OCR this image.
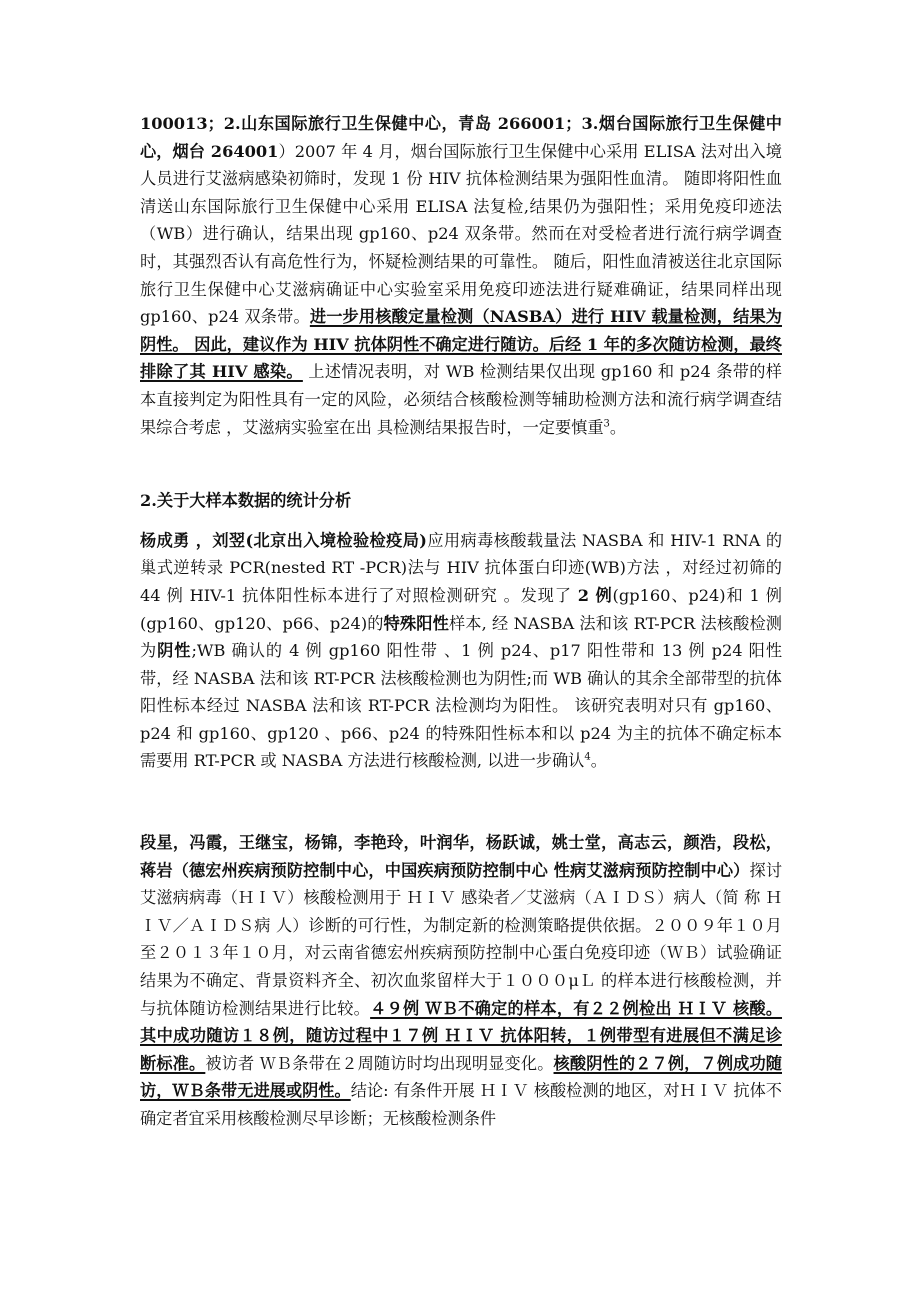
100013；2.山东国际旅行卫生保健中心，青岛 266001；3.烟台国际旅行卫生保健中心，烟台 264001）2007 年 4 月，烟台国际旅行卫生保健中心采用 ELISA 法对出入境人员进行艾滋病感染初筛时，发现 1 份 HIV 抗体检测结果为强阳性血清。 随即将阳性血清送山东国际旅行卫生保健中心采用 ELISA 法复检,结果仍为强阳性；采用免疫印迹法（WB）进行确认，结果出现 gp160、p24 双条带。然而在对受检者进行流行病学调查时，其强烈否认有高危性行为，怀疑检测结果的可靠性。 随后，阳性血清被送往北京国际旅行卫生保健中心艾滋病确证中心实验室采用免疫印迹法进行疑难确证，结果同样出现 gp160、p24 双条带。进一步用核酸定量检测（NASBA）进行 HIV 载量检测，结果为阴性。 因此，建议作为 HIV 抗体阴性不确定进行随访。后经 1 年的多次随访检测，最终排除了其 HIV 感染。 上述情况表明，对 WB 检测结果仅出现 gp160 和 p24 条带的样本直接判定为阳性具有一定的风险，必须结合核酸检测等辅助检测方法和流行病学调查结果综合考虑 ，艾滋病实验室在出 具检测结果报告时，一定要慎重$^3$。

2.关于大样本数据的统计分析

杨成勇 ，刘翌(北京出入境检验检疫局)应用病毒核酸载量法 NASBA 和 HIV-1 RNA 的巢式逆转录 PCR(nested RT -PCR)法与 HIV 抗体蛋白印迹(WB)方法 ，对经过初筛的 44 例 HIV-1 抗体阳性标本进行了对照检测研究 。发现了 2 例(gp160、p24)和 1 例(gp160、gp120、p66、p24)的特殊阳性样本, 经 NASBA 法和该 RT-PCR 法核酸检测为阴性;WB 确认的 4 例 gp160 阳性带 、1 例 p24、p17 阳性带和 13 例 p24 阳性带，经 NASBA 法和该 RT-PCR 法核酸检测也为阴性;而 WB 确认的其余全部带型的抗体阳性标本经过 NASBA 法和该 RT-PCR 法检测均为阳性。 该研究表明对只有 gp160、p24 和 gp160、gp120 、p66、p24 的特殊阳性标本和以 p24 为主的抗体不确定标本需要用 RT-PCR 或 NASBA 方法进行核酸检测, 以进一步确认$^4$。

段星，冯霞，王继宝，杨锦，李艳玲，叶润华，杨跃诚，姚士堂，高志云，颜浩，段松，蒋岩（德宏州疾病预防控制中心，中国疾病预防控制中心 性病艾滋病预防控制中心）探讨艾滋病病毒（ＨＩＶ）核酸检测用于 ＨＩＶ 感染者／艾滋病（ＡＩＤＳ）病人（简 称 ＨＩＶ／ＡＩＤＳ病 人）诊断的可行性，为制定新的检测策略提供依据。２００９年１０月至２０１３年１０月，对云南省德宏州疾病预防控制中心蛋白免疫印迹（ＷＢ）试验确证结果为不确定、背景资料齐全、初次血浆留样大于１０００μＬ 的样本进行核酸检测，并与抗体随访检测结果进行比较。４９例 ＷＢ不确定的样本，有２２例检出 ＨＩＶ 核酸。其中成功随访１８例，随访过程中１７例 ＨＩＶ 抗体阳转，１例带型有进展但不满足诊断标准。被访者 ＷＢ条带在２周随访时均出现明显变化。核酸阴性的２７例，７例成功随访，ＷＢ条带无进展或阴性。结论: 有条件开展 ＨＩＶ 核酸检测的地区，对ＨＩＶ 抗体不确定者宜采用核酸检测尽早诊断；无核酸检测条件
